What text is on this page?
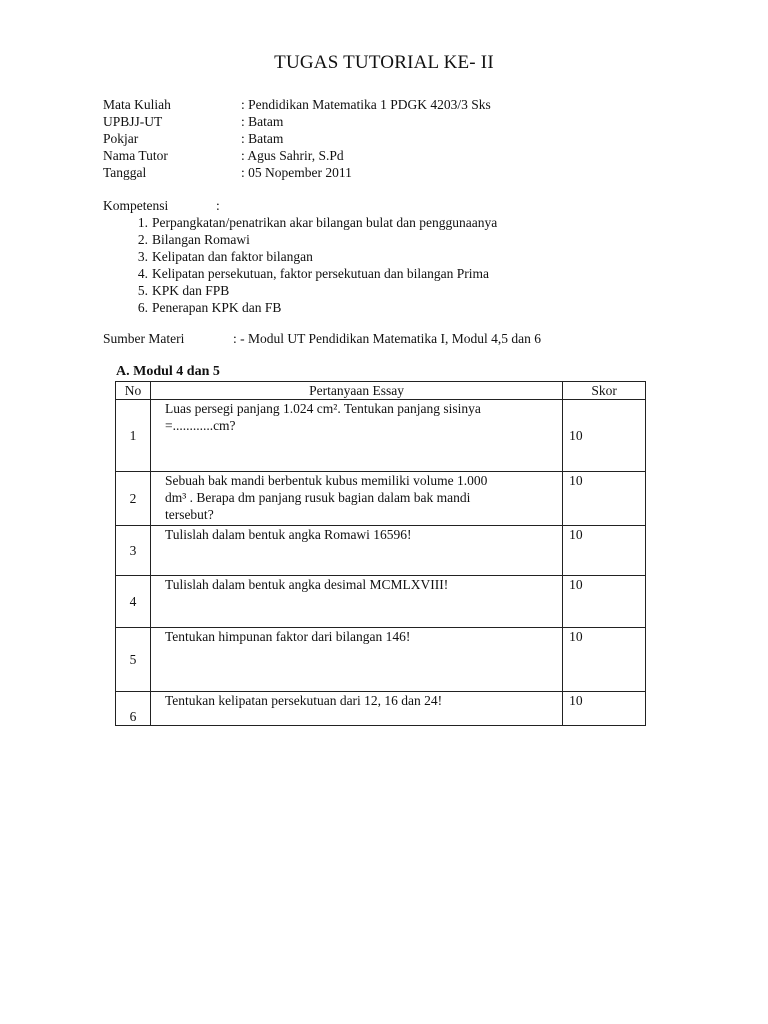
TUGAS TUTORIAL KE- II
Mata Kuliah	: Pendidikan Matematika 1 PDGK 4203/3 Sks
UPBJJ-UT	: Batam
Pokjar	: Batam
Nama Tutor	: Agus Sahrir, S.Pd
Tanggal	: 05 Nopember 2011
Kompetensi	:
1. Perpangkatan/penatrikan akar bilangan bulat dan penggunaanya
2. Bilangan Romawi
3. Kelipatan dan faktor bilangan
4. Kelipatan persekutuan, faktor persekutuan dan bilangan Prima
5. KPK dan FPB
6. Penerapan KPK dan FB
Sumber Materi	: - Modul UT Pendidikan Matematika I, Modul 4,5 dan 6
A. Modul 4 dan 5
No	Pertanyaan Essay	Skor
1	Luas persegi panjang 1.024 cm². Tentukan panjang sisinya
=............cm?	10
2	Sebuah bak mandi berbentuk kubus memiliki volume 1.000
dm³ . Berapa dm panjang rusuk bagian dalam bak mandi
tersebut?	10
3	Tulislah dalam bentuk angka Romawi 16596!	10
4	Tulislah dalam bentuk angka desimal MCMLXVIII!	10
5	Tentukan himpunan faktor dari bilangan 146!	10
6	Tentukan kelipatan persekutuan dari 12, 16 dan 24!	10
